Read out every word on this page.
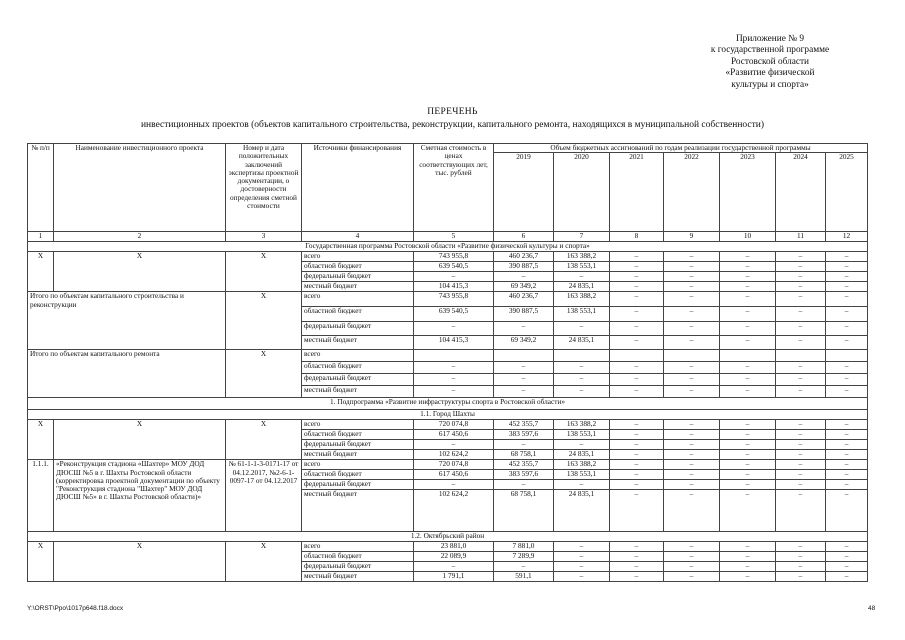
Приложение № 9
к государственной программе
Ростовской области
«Развитие физической
культуры и спорта»
ПЕРЕЧЕНЬ
инвестиционных проектов (объектов капитального строительства, реконструкции, капитального ремонта, находящихся в муниципальной собственности)
№ п/п	Наименование инвестиционного проекта	Номер и дата положительных заключений экспертизы проектной документации, о достоверности определения сметной стоимости	Источники финансирования	Сметная стоимость в ценах соответствующих лет, тыс. рублей	Объем бюджетных ассигнований по годам реализации государственной программы						
					2019	2020	2021	2022	2023	2024	2025
1	2	3	4	5	6	7	8	9	10	11	12
Государственная программа Ростовской области «Развитие физической культуры и спорта»											
X	X	X	всего	743 955,8	460 236,7	163 388,2	–	–	–	–	–
			областной бюджет	639 540,5	390 887,5	138 553,1	–	–	–	–	–
			федеральный бюджет	–	–	–	–	–	–	–	–
			местный бюджет	104 415,3	69 349,2	24 835,1	–	–	–	–	–
Итого по объектам капитального строительства и реконструкции		X	всего	743 955,8	460 236,7	163 388,2	–	–	–	–	–
			областной бюджет	639 540,5	390 887,5	138 553,1	–	–	–	–	–
			федеральный бюджет	–	–	–	–	–	–	–	–
			местный бюджет	104 415,3	69 349,2	24 835,1	–	–	–	–	–
Итого по объектам капитального ремонта		X	всего								
			областной бюджет	–	–	–	–	–	–	–	–
			федеральный бюджет	–	–	–	–	–	–	–	–
			местный бюджет	–	–	–	–	–	–	–	–
1. Подпрограмма «Развитие инфраструктуры спорта в Ростовской области»											
1.1. Город Шахты											
X	X	X	всего	720 074,8	452 355,7	163 388,2	–	–	–	–	–
			областной бюджет	617 450,6	383 597,6	138 553,1	–	–	–	–	–
			федеральный бюджет	–	–	–	–	–	–	–	–
			местный бюджет	102 624,2	68 758,1	24 835,1	–	–	–	–	–
1.1.1.	«Реконструкция стадиона «Шахтер» МОУ ДОД ДЮСШ №5 в г. Шахты Ростовской области (корректировка проектной документации по объекту "Реконструкция стадиона "Шахтер" МОУ ДОД ДЮСШ №5» в г. Шахты Ростовской области)»	№ 61-1-1-3-0171-17 от 04.12.2017, №2-6-1-0097-17 от 04.12.2017	всего	720 074,8	452 355,7	163 388,2	–	–	–	–	–
			областной бюджет	617 450,6	383 597,6	138 553,1	–	–	–	–	–
			федеральный бюджет	–	–	–	–	–	–	–	–
			местный бюджет	102 624,2	68 758,1	24 835,1	–	–	–	–	–
1.2. Октябрьский район											
X	X	X	всего	23 881,0	7 881,0	–	–	–	–	–	–
			областной бюджет	22 089,9	7 289,9	–	–	–	–	–	–
			федеральный бюджет	–	–	–	–	–	–	–	–
			местный бюджет	1 791,1	591,1	–	–	–	–	–	–
Y:\ORST\Ppo\1017p648.f18.docx	48
